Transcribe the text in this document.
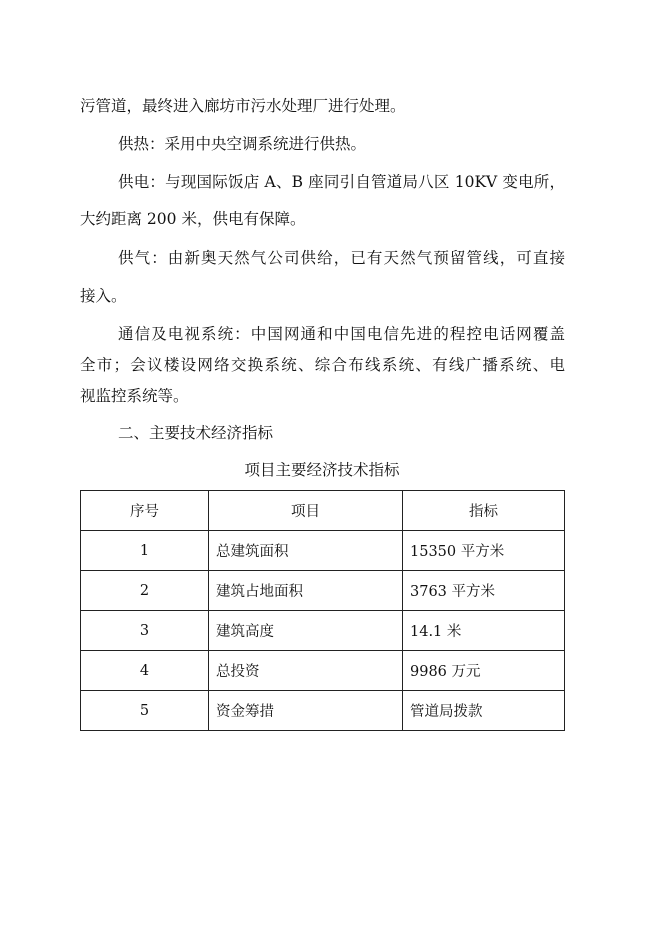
污管道，最终进入廊坊市污水处理厂进行处理。
供热：采用中央空调系统进行供热。
供电：与现国际饭店 A、B 座同引自管道局八区 10KV 变电所，
大约距离 200 米，供电有保障。
供气：由新奥天然气公司供给，已有天然气预留管线，可直接
接入。
通信及电视系统：中国网通和中国电信先进的程控电话网覆盖
全市；会议楼设网络交换系统、综合布线系统、有线广播系统、电
视监控系统等。
二、主要技术经济指标
项目主要经济技术指标
序号	项目	指标
1	总建筑面积	15350 平方米
2	建筑占地面积	3763 平方米
3	建筑高度	14.1 米
4	总投资	9986 万元
5	资金筹措	管道局拨款
